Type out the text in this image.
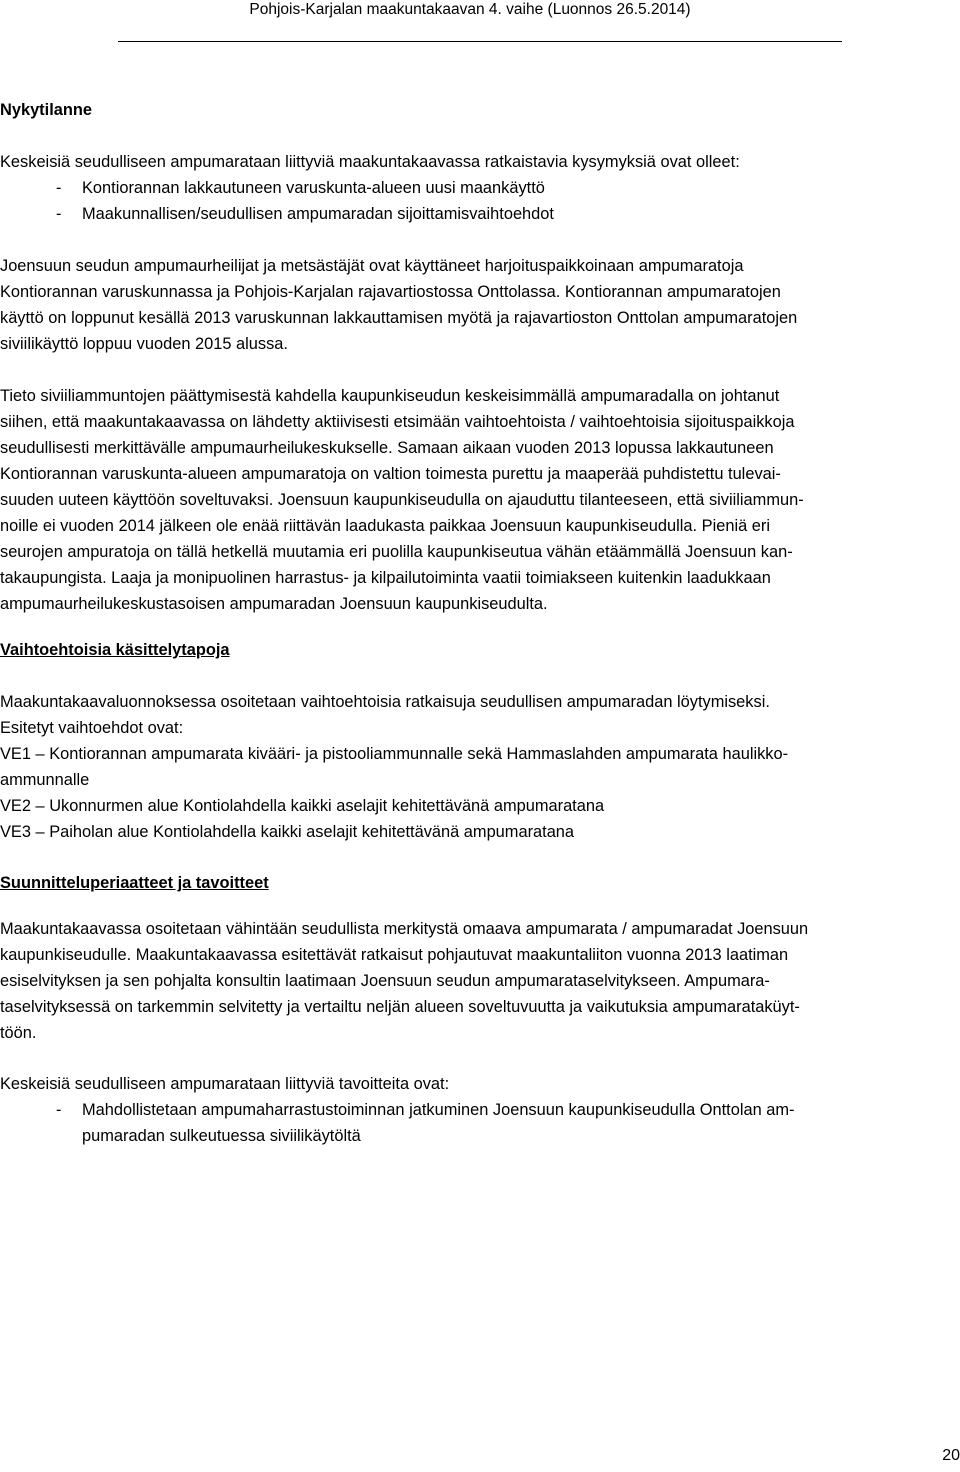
Pohjois-Karjalan maakuntakaavan 4. vaihe (Luonnos 26.5.2014)
Nykytilanne
Keskeisiä seudulliseen ampumarataan liittyviä maakuntakaavassa ratkaistavia kysymyksiä ovat olleet:
- Kontiorannan lakkautuneen varuskunta-alueen uusi maankäyttö
- Maakunnallisen/seudullisen ampumaradan sijoittamisvaihtoehdot
Joensuun seudun ampumaurheilijat ja metsästäjät ovat käyttäneet harjoituspaikkoinaan ampumaratoja
Kontiorannan varuskunnassa ja Pohjois-Karjalan rajavartiostossa Onttolassa. Kontiorannan ampumaratojen
käyttö on loppunut kesällä 2013 varuskunnan lakkauttamisen myötä ja rajavartioston Onttolan ampumaratojen
siviilikäyttö loppuu vuoden 2015 alussa.
Tieto siviiliammuntojen päättymisestä kahdella kaupunkiseudun keskeisimmällä ampumaradalla on johtanut
siihen, että maakuntakaavassa on lähdetty aktiivisesti etsimään vaihtoehtoista / vaihtoehtoisia sijoituspaikkoja
seudullisesti merkittävälle ampumaurheilukeskukselle. Samaan aikaan vuoden 2013 lopussa lakkautuneen
Kontiorannan varuskunta-alueen ampumaratoja on valtion toimesta purettu ja maaperää puhdistettu tulevai-
suuden uuteen käyttöön soveltuvaksi. Joensuun kaupunkiseudulla on ajauduttu tilanteeseen, että siviiliammun-
noille ei vuoden 2014 jälkeen ole enää riittävän laadukasta paikkaa Joensuun kaupunkiseudulla. Pieniä eri
seurojen ampuratoja on tällä hetkellä muutamia eri puolilla kaupunkiseutua vähän etäämmällä Joensuun kan-
takaupungista. Laaja ja monipuolinen harrastus- ja kilpailutoiminta vaatii toimiakseen kuitenkin laadukkaan
ampumaurheilukeskustasoisen ampumaradan Joensuun kaupunkiseudulta.
Vaihtoehtoisia käsittelytapoja
Maakuntakaavaluonnoksessa osoitetaan vaihtoehtoisia ratkaisuja seudullisen ampumaradan löytymiseksi.
Esitetyt vaihtoehdot ovat:
VE1 – Kontiorannan ampumarata kivääri- ja pistooliammunnalle sekä Hammaslahden ampumarata haulikko-
ammunnalle
VE2 – Ukonnurmen alue Kontiolahdella kaikki aselajit kehitettävänä ampumaratana
VE3 – Paiholan alue Kontiolahdella kaikki aselajit kehitettävänä ampumaratana
Suunnitteluperiaatteet ja tavoitteet
Maakuntakaavassa osoitetaan vähintään seudullista merkitystä omaava ampumarata / ampumaradat Joensuun
kaupunkiseudulle. Maakuntakaavassa esitettävät ratkaisut pohjautuvat maakuntaliiton vuonna 2013 laatiman
esiselvityksen ja sen pohjalta konsultin laatimaan Joensuun seudun ampumarataselvitykseen. Ampumara-
taselvityksessä on tarkemmin selvitetty ja vertailtu neljän alueen soveltuvuutta ja vaikutuksia ampumarataküyt-
töön.
Keskeisiä seudulliseen ampumarataan liittyviä tavoitteita ovat:
- Mahdollistetaan ampumaharrastustoiminnan jatkuminen Joensuun kaupunkiseudulla Onttolan am-
pumaradan sulkeutuessa siviilikäytöltä
20
